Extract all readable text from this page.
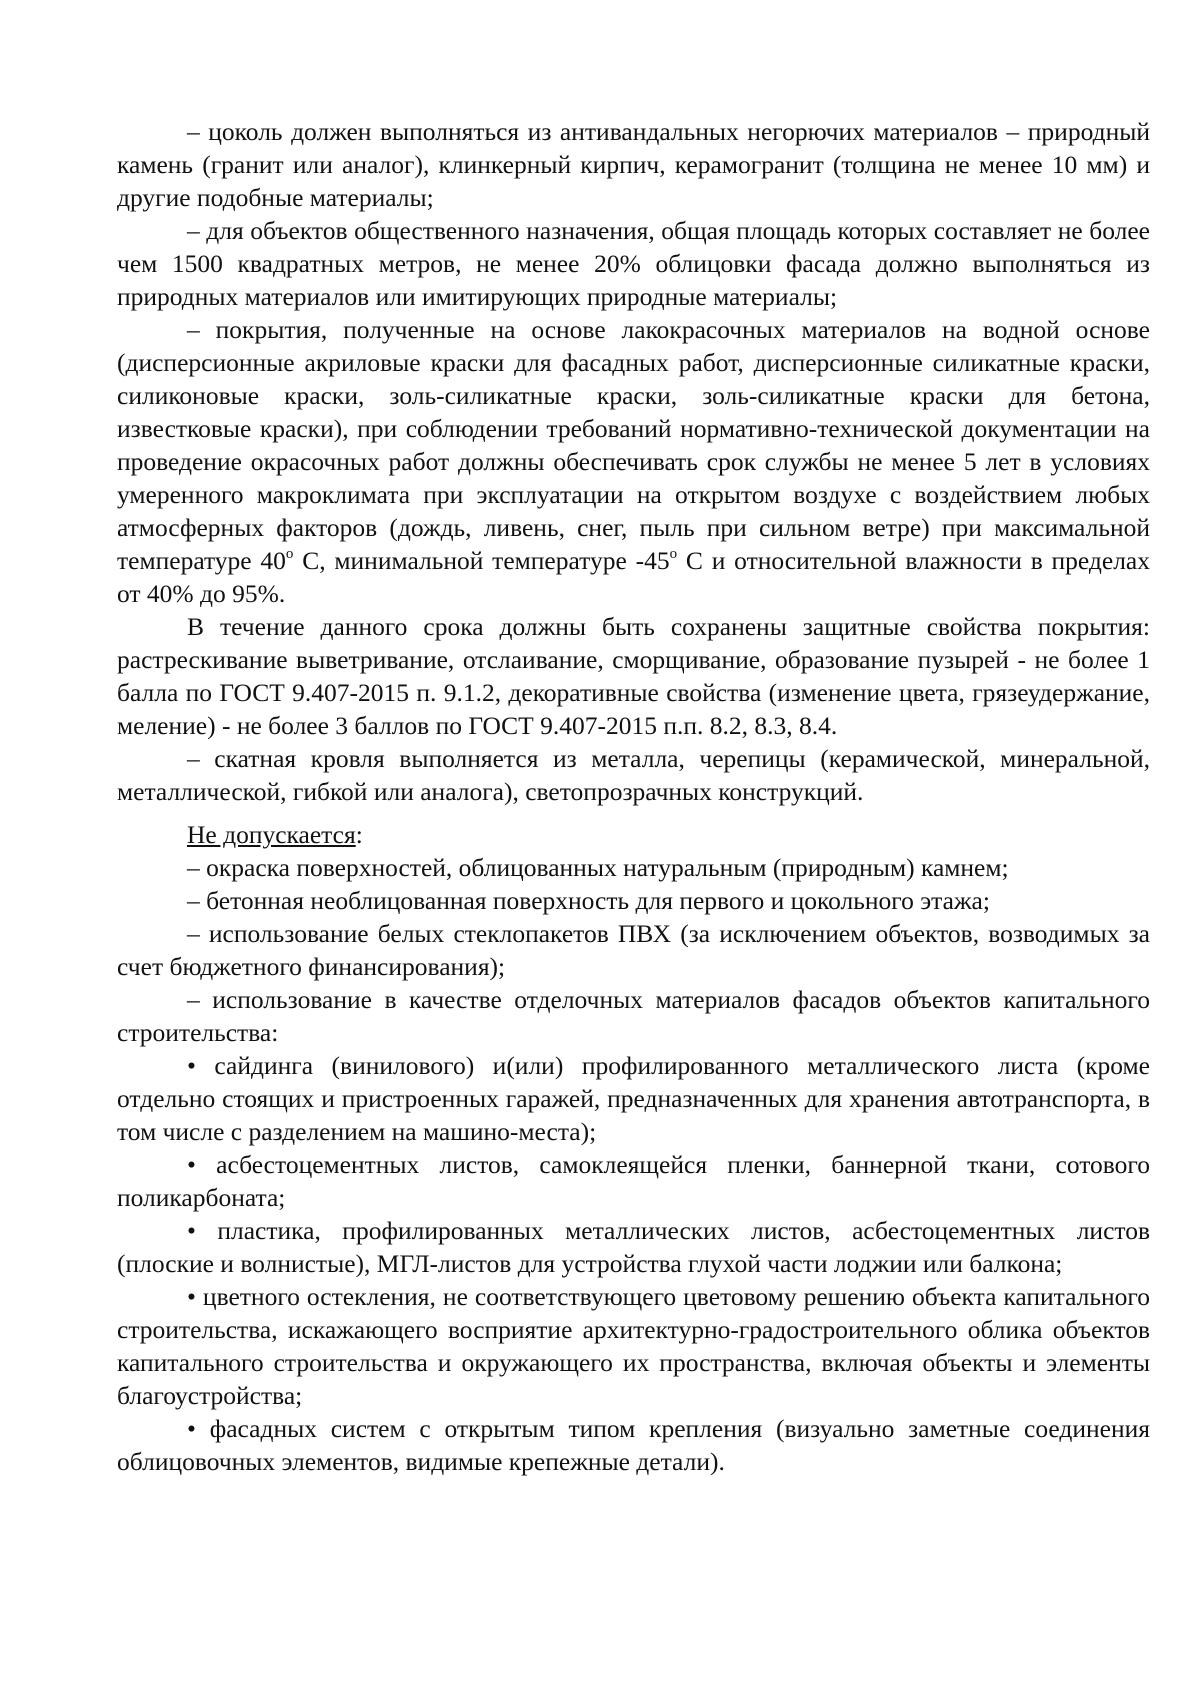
– цоколь должен выполняться из антивандальных негорючих материалов – природный камень (гранит или аналог), клинкерный кирпич, керамогранит (толщина не менее 10 мм) и другие подобные материалы;

– для объектов общественного назначения, общая площадь которых составляет не более чем 1500 квадратных метров, не менее 20% облицовки фасада должно выполняться из природных материалов или имитирующих природные материалы;

– покрытия, полученные на основе лакокрасочных материалов на водной основе (дисперсионные акриловые краски для фасадных работ, дисперсионные силикатные краски, силиконовые краски, золь-силикатные краски, золь-силикатные краски для бетона, известковые краски), при соблюдении требований нормативно-технической документации на проведение окрасочных работ должны обеспечивать срок службы не менее 5 лет в условиях умеренного макроклимата при эксплуатации на открытом воздухе с воздействием любых атмосферных факторов (дождь, ливень, снег, пыль при сильном ветре) при максимальной температуре 40$^o$ С, минимальной температуре -45$^o$ С и относительной влажности в пределах от 40% до 95%.

В течение данного срока должны быть сохранены защитные свойства покрытия: растрескивание выветривание, отслаивание, сморщивание, образование пузырей - не более 1 балла по ГОСТ 9.407-2015 п. 9.1.2, декоративные свойства (изменение цвета, грязеудержание, меление) - не более 3 баллов по ГОСТ 9.407-2015 п.п. 8.2, 8.3, 8.4.

– скатная кровля выполняется из металла, черепицы (керамической, минеральной, металлической, гибкой или аналога), светопрозрачных конструкций.

Не допускается:

– окраска поверхностей, облицованных натуральным (природным) камнем;

– бетонная необлицованная поверхность для первого и цокольного этажа;

– использование белых стеклопакетов ПВХ (за исключением объектов, возводимых за счет бюджетного финансирования);

– использование в качестве отделочных материалов фасадов объектов капитального строительства:

• сайдинга (винилового) и(или) профилированного металлического листа (кроме отдельно стоящих и пристроенных гаражей, предназначенных для хранения автотранспорта, в том числе с разделением на машино-места);

• асбестоцементных листов, самоклеящейся пленки, баннерной ткани, сотового поликарбоната;

• пластика, профилированных металлических листов, асбестоцементных листов (плоские и волнистые), МГЛ-листов для устройства глухой части лоджии или балкона;

• цветного остекления, не соответствующего цветовому решению объекта капитального строительства, искажающего восприятие архитектурно-градостроительного облика объектов капитального строительства и окружающего их пространства, включая объекты и элементы благоустройства;

• фасадных систем с открытым типом крепления (визуально заметные соединения облицовочных элементов, видимые крепежные детали).
